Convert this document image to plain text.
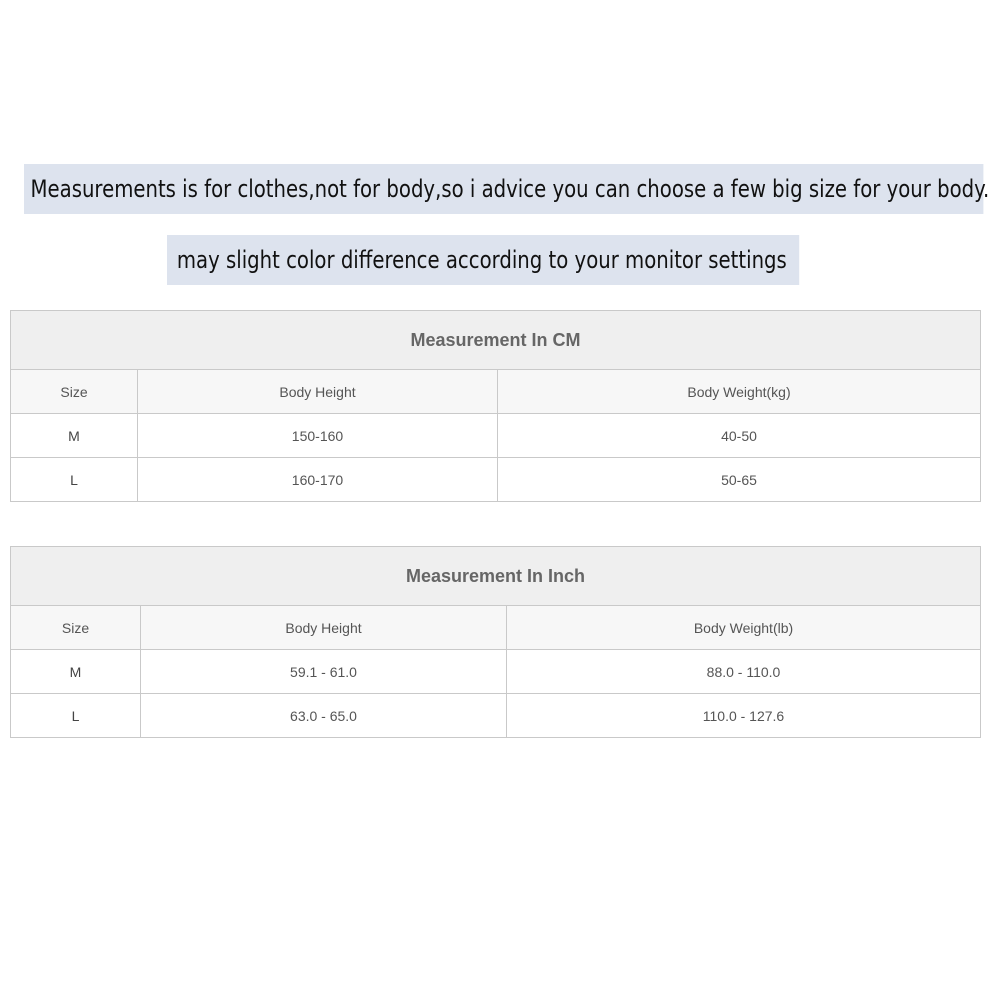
Measurements is for clothes,not for body,so i advice you can choose a few big size for your body.
may slight color difference according to your monitor settings
Measurement In CM		
Size	Body Height	Body Weight(kg)
M	150-160	40-50
L	160-170	50-65
Measurement In Inch		
Size	Body Height	Body Weight(lb)
M	59.1 - 61.0	88.0 - 110.0
L	63.0 - 65.0	110.0 - 127.6
